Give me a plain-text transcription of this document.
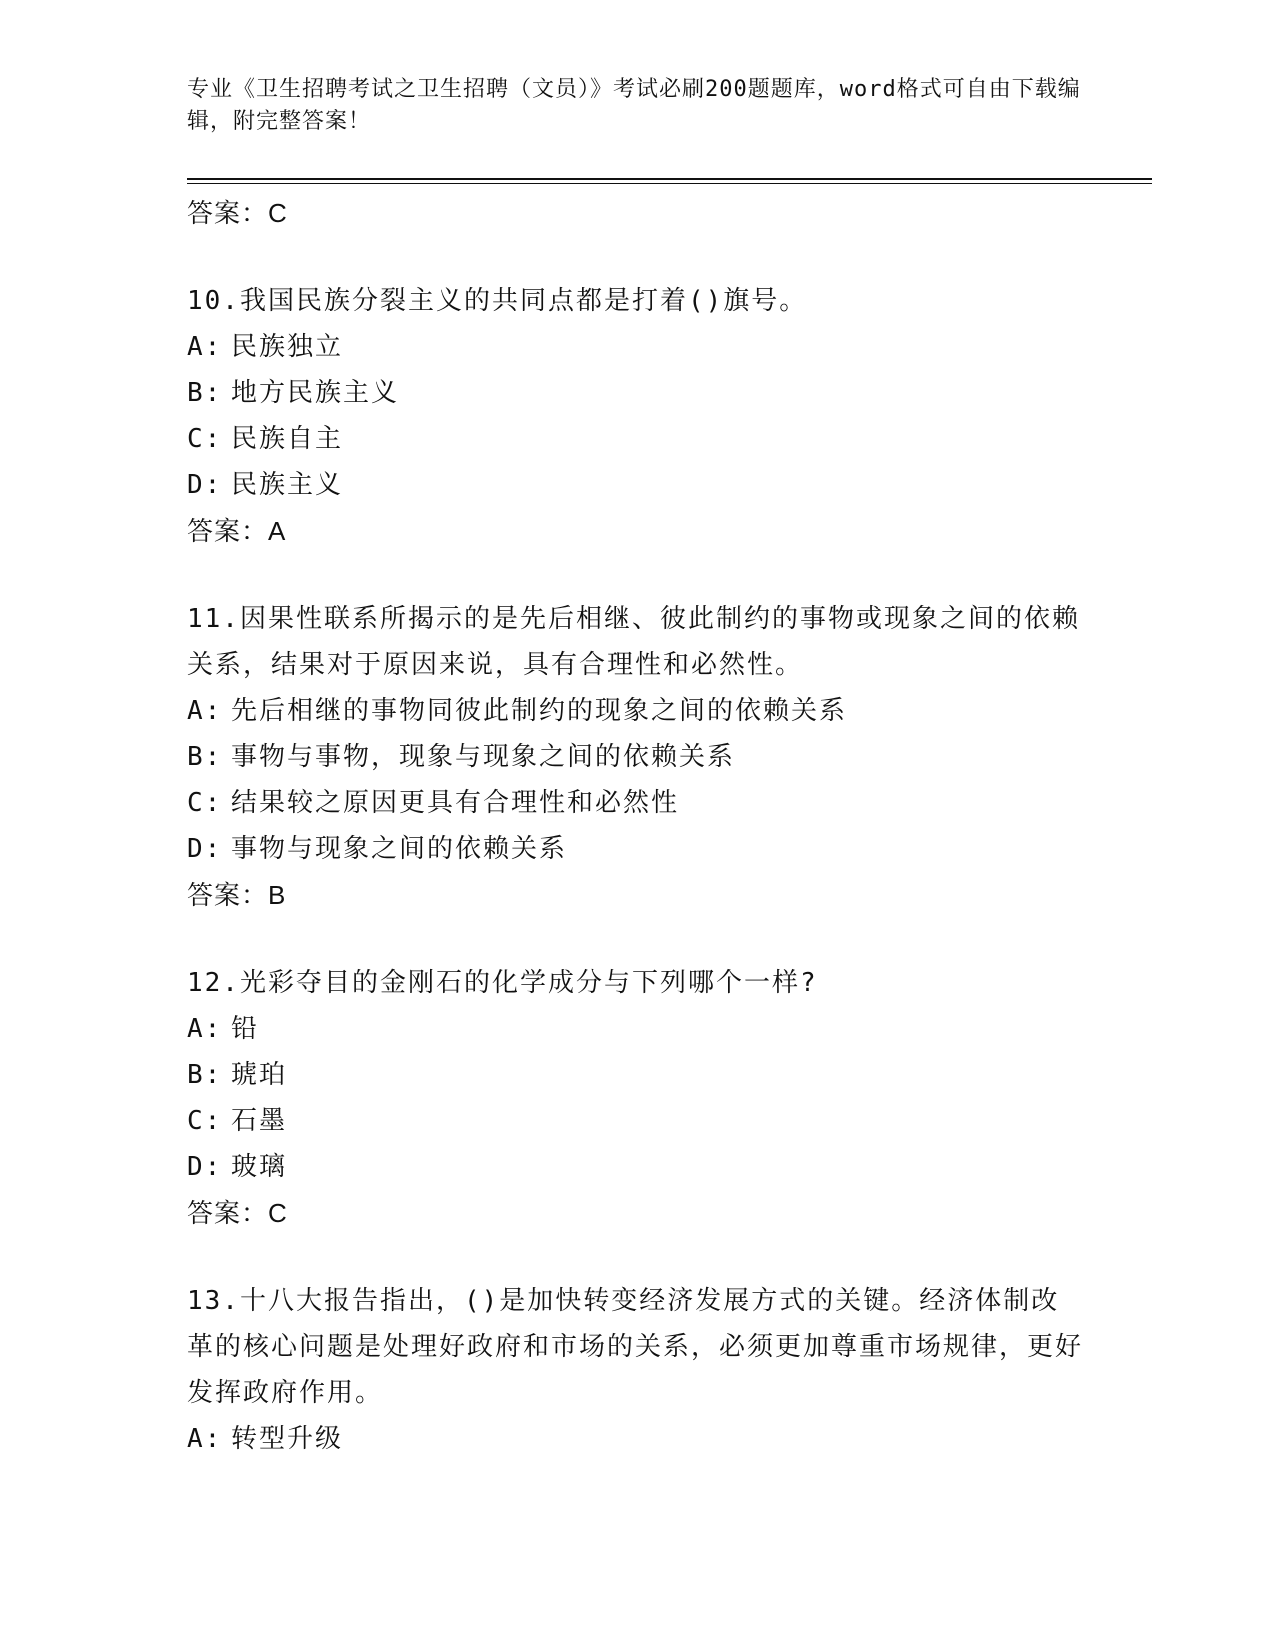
专业《卫生招聘考试之卫生招聘（文员）》考试必刷200题题库，word格式可自由下载编辑，附完整答案！
答案：C
10.我国民族分裂主义的共同点都是打着()旗号。
A: 民族独立
B: 地方民族主义
C: 民族自主
D: 民族主义
答案：A
11.因果性联系所揭示的是先后相继、彼此制约的事物或现象之间的依赖关系，结果对于原因来说，具有合理性和必然性。
A: 先后相继的事物同彼此制约的现象之间的依赖关系
B: 事物与事物，现象与现象之间的依赖关系
C: 结果较之原因更具有合理性和必然性
D: 事物与现象之间的依赖关系
答案：B
12.光彩夺目的金刚石的化学成分与下列哪个一样?
A: 铅
B: 琥珀
C: 石墨
D: 玻璃
答案：C
13.十八大报告指出，()是加快转变经济发展方式的关键。经济体制改革的核心问题是处理好政府和市场的关系，必须更加尊重市场规律，更好发挥政府作用。
A: 转型升级
